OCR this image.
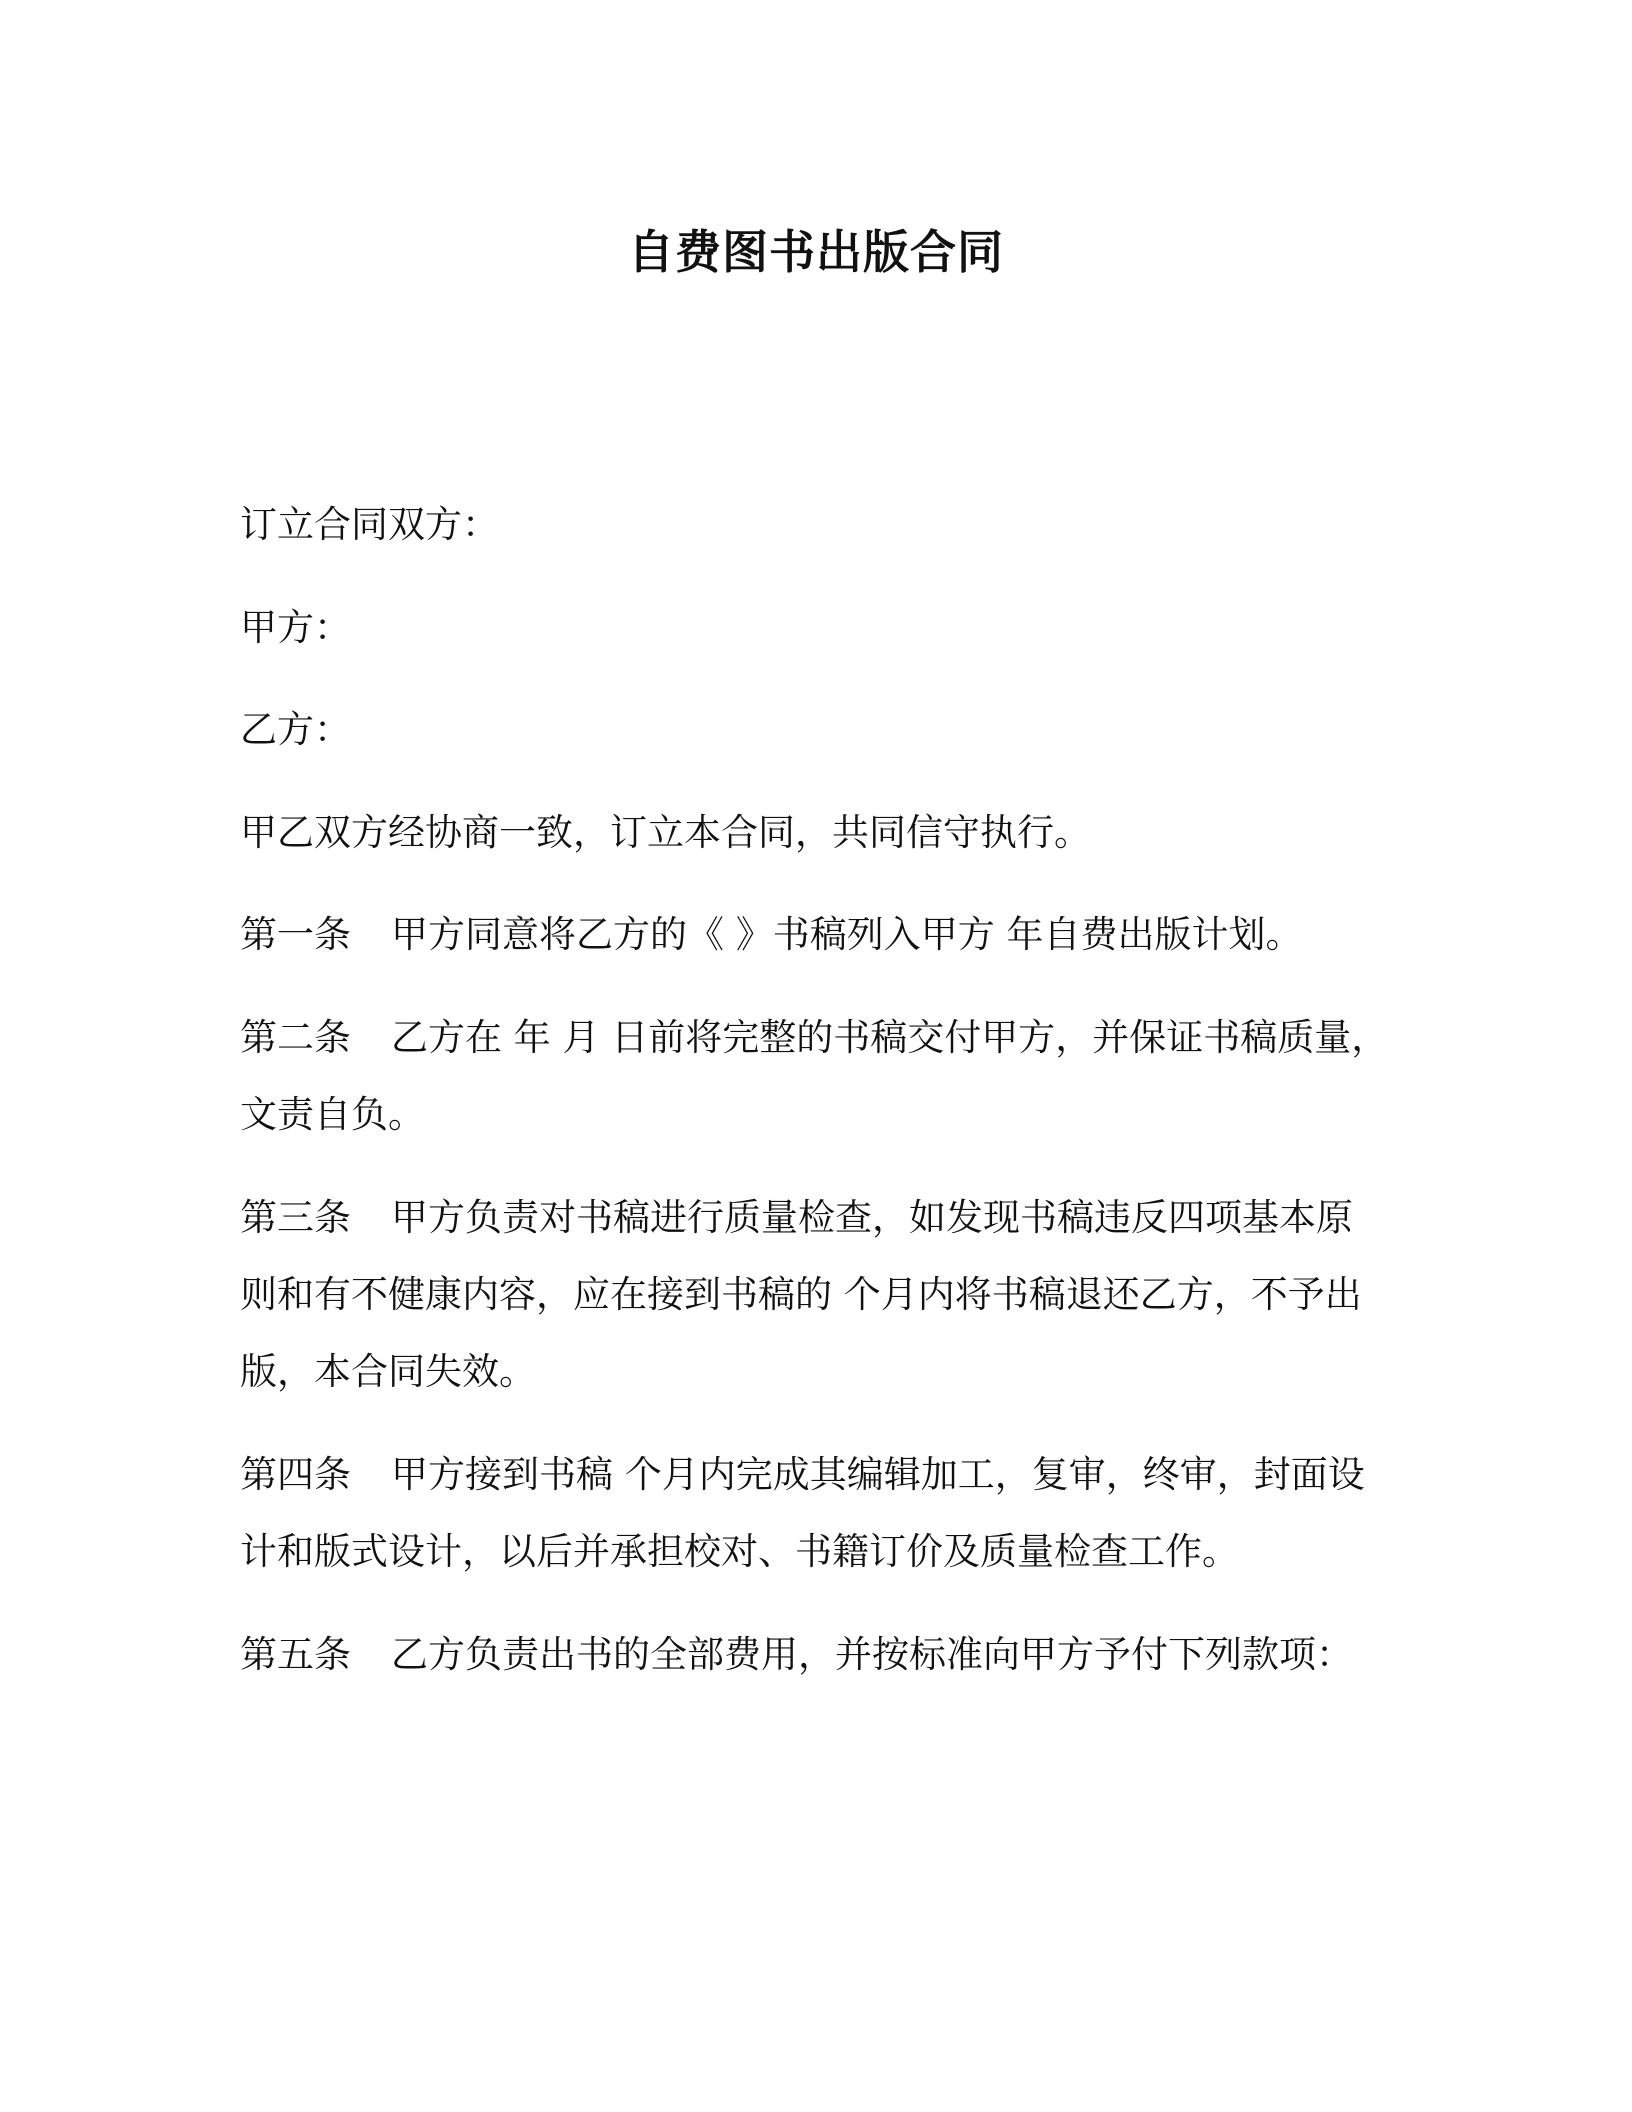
自费图书出版合同
订立合同双方：
甲方：
乙方：
甲乙双方经协商一致，订立本合同，共同信守执行。
第一条 甲方同意将乙方的《 》书稿列入甲方 年自费出版计划。
第二条 乙方在 年 月 日前将完整的书稿交付甲方，并保证书稿质量，
文责自负。
第三条 甲方负责对书稿进行质量检查，如发现书稿违反四项基本原
则和有不健康内容，应在接到书稿的 个月内将书稿退还乙方，不予出
版，本合同失效。
第四条 甲方接到书稿 个月内完成其编辑加工，复审，终审，封面设
计和版式设计，以后并承担校对、书籍订价及质量检查工作。
第五条 乙方负责出书的全部费用，并按标准向甲方予付下列款项：
